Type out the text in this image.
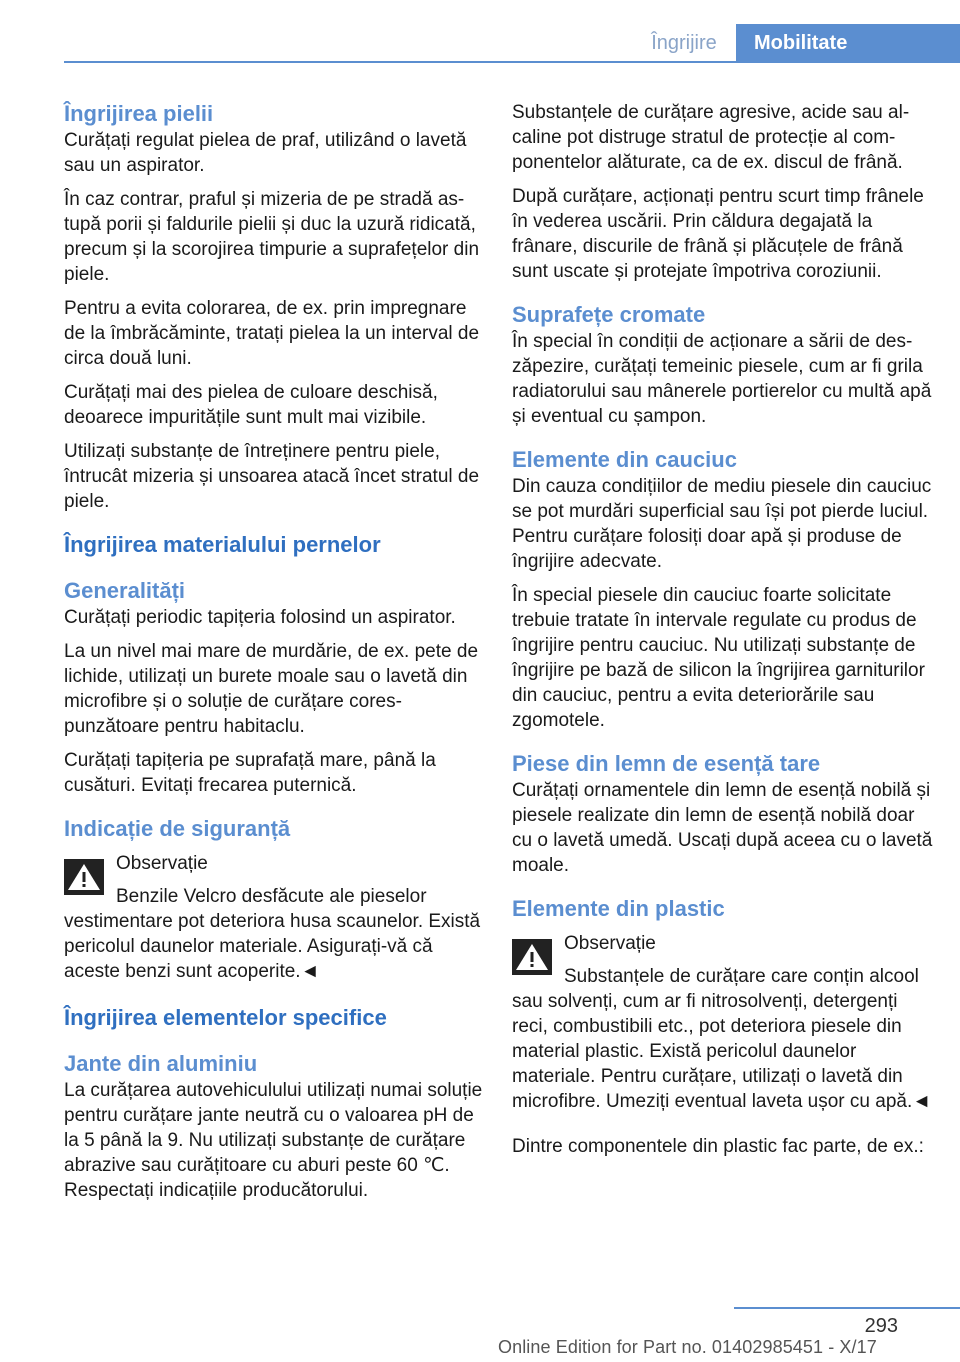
Îngrijire	Mobilitate
Îngrijirea pielii

Curățați regulat pielea de praf, utilizând o lavetă sau un aspirator.

În caz contrar, praful și mizeria de pe stradă astupă porii și faldurile pielii și duc la uzură ridicată, precum și la scorojirea timpurie a suprafețelor din piele.

Pentru a evita colorarea, de ex. prin impregnare de la îmbrăcăminte, tratați pielea la un interval de circa două luni.

Curățați mai des pielea de culoare deschisă, deoarece impuritățile sunt mult mai vizibile.

Utilizați substanțe de întreținere pentru piele, întrucât mizeria și unsoarea atacă încet stratul de piele.

Îngrijirea materialului pernelor
Generalități

Curățați periodic tapițeria folosind un aspirator.

La un nivel mai mare de murdărie, de ex. pete de lichide, utilizați un burete moale sau o lavetă din microfibre și o soluție de curățare corespunzătoare pentru habitaclu.

Curățați tapițeria pe suprafață mare, până la cusături. Evitați frecarea puternică.

Indicație de siguranță

Observație

Benzile Velcro desfăcute ale pieselor vestimentare pot deteriora husa scaunelor. Există pericolul daunelor materiale. Asigurați-vă că aceste benzi sunt acoperite.◄

Îngrijirea elementelor specifice
Jante din aluminiu

La curățarea autovehiculului utilizați numai soluție pentru curățare jante neutră cu o valoarea pH de la 5 până la 9. Nu utilizați substanțe de curățare abrazive sau curățitoare cu aburi peste 60 ℃. Respectați indicațiile producătorului.

Substanțele de curățare agresive, acide sau alcaline pot distruge stratul de protecție al componentelor alăturate, ca de ex. discul de frână.

După curățare, acționați pentru scurt timp frânele în vederea uscării. Prin căldura degajată la frânare, discurile de frână și plăcuțele de frână sunt uscate și protejate împotriva coroziunii.

Suprafețe cromate

În special în condiții de acționare a sării de deszăpezire, curățați temeinic piesele, cum ar fi grila radiatorului sau mânerele portierelor cu multă apă și eventual cu șampon.

Elemente din cauciuc

Din cauza condițiilor de mediu piesele din cauciuc se pot murdări superficial sau își pot pierde luciul. Pentru curățare folosiți doar apă și produse de îngrijire adecvate.

În special piesele din cauciuc foarte solicitate trebuie tratate în intervale regulate cu produs de îngrijire pentru cauciuc. Nu utilizați substanțe de îngrijire pe bază de silicon la îngrijirea garniturilor din cauciuc, pentru a evita deteriorările sau zgomotele.

Piese din lemn de esență tare

Curățați ornamentele din lemn de esență nobilă și piesele realizate din lemn de esență nobilă doar cu o lavetă umedă. Uscați după aceea cu o lavetă moale.

Elemente din plastic

Observație

Substanțele de curățare care conțin alcool sau solvenți, cum ar fi nitrosolvenți, detergenți reci, combustibili etc., pot deteriora piesele din material plastic. Există pericolul daunelor materiale. Pentru curățare, utilizați o lavetă din microfibre. Umeziți eventual laveta ușor cu apă.◄

Dintre componentele din plastic fac parte, de ex.:

293
Online Edition for Part no. 01402985451 - X/17
